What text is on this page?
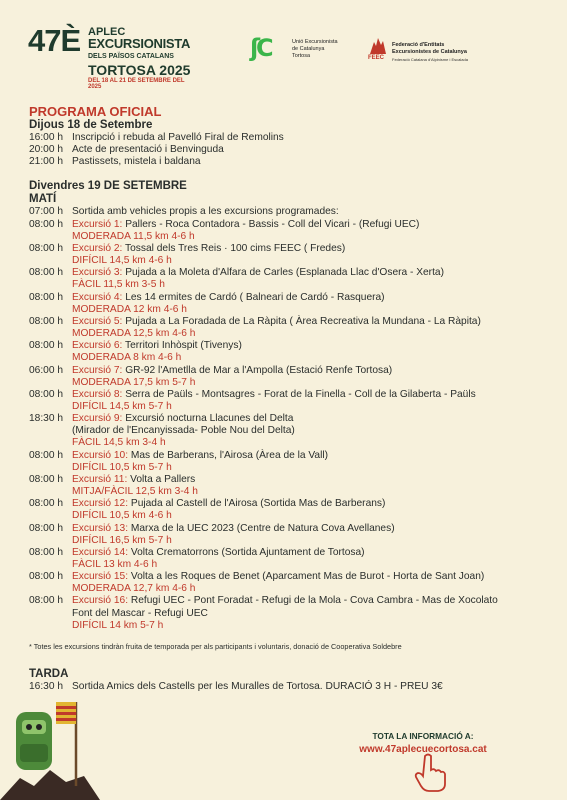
47È APLEC
EXCURSIONISTA
DELS PAÏSOS CATALANS
TORTOSA 2025
DEL 18 AL 21 DE SETEMBRE DEL 2025
ʃC	Unió Excursionista
de Catalunya
Tortosa	FEEC
Federació d'Entitats
Excursionistes de Catalunya
Federació Catalana d'Alpinisme i Escalada
PROGRAMA OFICIAL
Dijous 18 de Setembre
16:00 h Inscripció i rebuda al Pavelló Firal de Remolins
20:00 h Acte de presentació i Benvinguda
21:00 h Pastissets, mistela i baldana
Divendres 19 DE SETEMBRE
MATÍ
07:00 h Sortida amb vehicles propis a les excursions programades:
08:00 h Excursió 1: Pallers - Roca Contadora - Bassis - Coll del Vicari - (Refugi UEC)
MODERADA 11,5 km 4-6 h
08:00 h Excursió 2: Tossal dels Tres Reis · 100 cims FEEC ( Fredes)
DIFÍCIL 14,5 km 4-6 h
08:00 h Excursió 3: Pujada a la Moleta d'Alfara de Carles (Esplanada Llac d'Osera - Xerta)
FÀCIL 11,5 km 3-5 h
08:00 h Excursió 4: Les 14 ermites de Cardó ( Balneari de Cardó - Rasquera)
MODERADA 12 km 4-6 h
08:00 h Excursió 5: Pujada a La Foradada de La Ràpita ( Àrea Recreativa la Mundana - La Ràpita)
MODERADA 12,5 km 4-6 h
08:00 h Excursió 6: Territori Inhòspit (Tivenys)
MODERADA 8 km 4-6 h
06:00 h Excursió 7: GR-92 l'Ametlla de Mar a l'Ampolla (Estació Renfe Tortosa)
MODERADA 17,5 km 5-7 h
08:00 h Excursió 8: Serra de Paüls - Montsagres - Forat de la Finella - Coll de la Gilaberta - Paüls
DIFÍCIL 14,5 km 5-7 h
18:30 h Excursió 9: Excursió nocturna Llacunes del Delta
(Mirador de l'Encanyissada- Poble Nou del Delta)
FÀCIL 14,5 km 3-4 h
08:00 h Excursió 10: Mas de Barberans, l'Airosa (Àrea de la Vall)
DIFÍCIL 10,5 km 5-7 h
08:00 h Excursió 11: Volta a Pallers
MITJA/FÀCIL 12,5 km 3-4 h
08:00 h Excursió 12: Pujada al Castell de l'Airosa (Sortida Mas de Barberans)
DIFÍCIL 10,5 km 4-6 h
08:00 h Excursió 13: Marxa de la UEC 2023 (Centre de Natura Cova Avellanes)
DIFÍCIL 16,5 km 5-7 h
08:00 h Excursió 14: Volta Crematorrons (Sortida Ajuntament de Tortosa)
FÀCIL 13 km 4-6 h
08:00 h Excursió 15: Volta a les Roques de Benet (Aparcament Mas de Burot - Horta de Sant Joan)
MODERADA 12,7 km 4-6 h
08:00 h Excursió 16: Refugi UEC - Pont Foradat - Refugi de la Mola - Cova Cambra - Mas de Xocolato
Font del Mascar - Refugi UEC
DIFÍCIL 14 km 5-7 h
* Totes les excursions tindràn fruita de temporada per als participants i voluntaris, donació de Cooperativa Soldebre
TARDA
16:30 h Sortida Amics dels Castells per les Muralles de Tortosa. DURACIÓ 3 H - PREU 3€
TOTA LA INFORMACIÓ A:
www.47aplecuecortosa.cat
